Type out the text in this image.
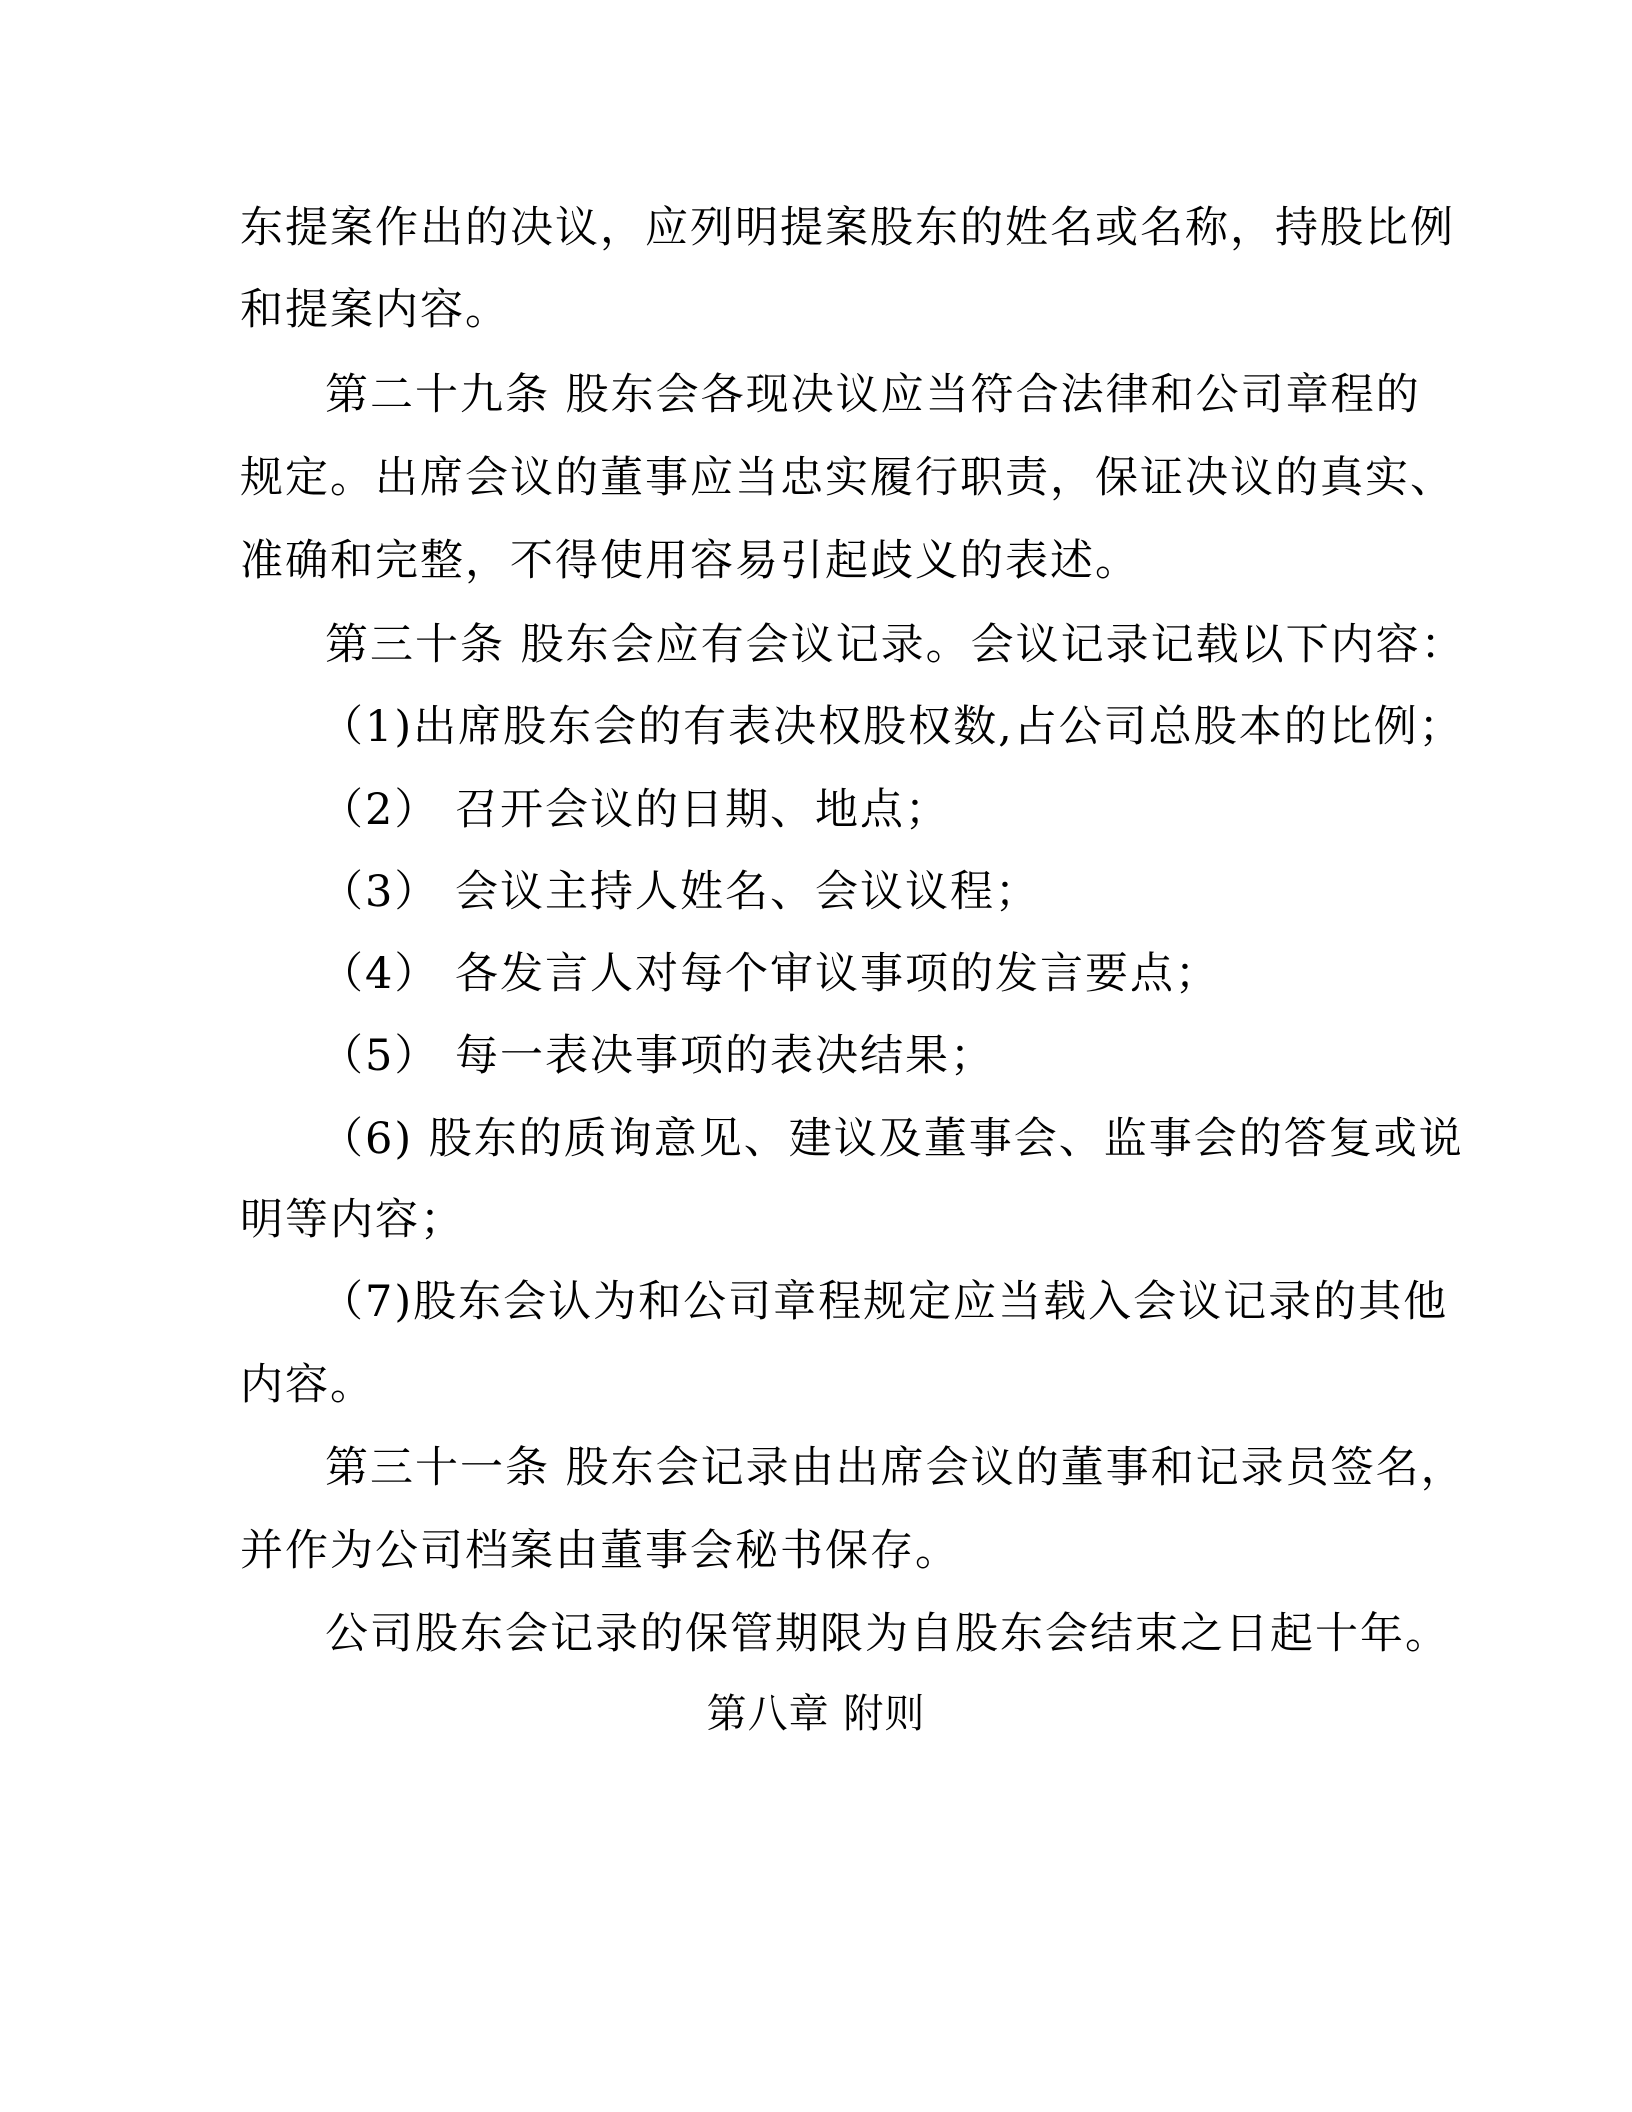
东提案作出的决议，应列明提案股东的姓名或名称，持股比例
和提案内容。
第二十九条 股东会各现决议应当符合法律和公司章程的
规定。出席会议的董事应当忠实履行职责，保证决议的真实、
准确和完整，不得使用容易引起歧义的表述。
第三十条 股东会应有会议记录。会议记录记载以下内容：
（1)出席股东会的有表决权股权数,占公司总股本的比例；
（2） 召开会议的日期、地点；
（3） 会议主持人姓名、会议议程；
（4） 各发言人对每个审议事项的发言要点；
（5） 每一表决事项的表决结果；
（6) 股东的质询意见、建议及董事会、监事会的答复或说
明等内容；
（7)股东会认为和公司章程规定应当载入会议记录的其他
内容。
第三十一条 股东会记录由出席会议的董事和记录员签名，
并作为公司档案由董事会秘书保存。
公司股东会记录的保管期限为自股东会结束之日起十年。
第八章 附则
